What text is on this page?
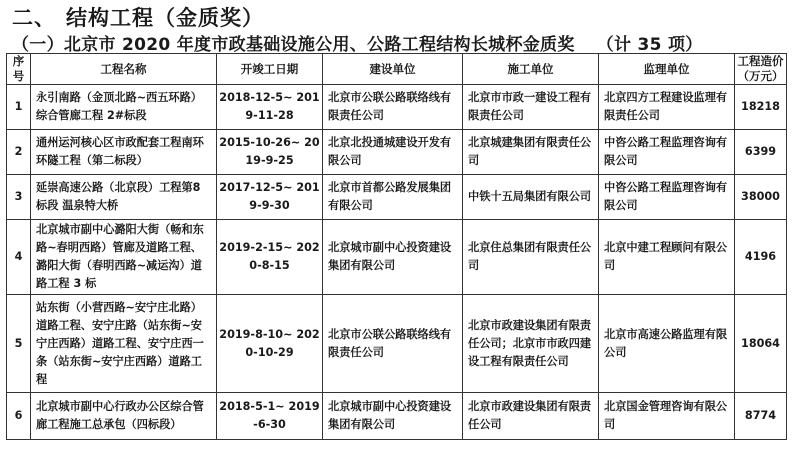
二、 结构工程（金质奖）
（一）北京市 2020 年度市政基础设施公用、公路工程结构长城杯金质奖 （计 35 项）
序号	工程名称	开竣工日期	建设单位	施工单位	监理单位	工程造价（万元）
1	永引南路（金顶北路~西五环路）综合管廊工程 2#标段	2018-12-5~ 2019-11-28	北京市公联公路联络线有限责任公司	北京市市政一建设工程有限责任公司	北京四方工程建设监理有限责任公司	18218
2	通州运河核心区市政配套工程南环环隧工程（第二标段）	2015-10-26~ 2019-9-25	北京北投通城建设开发有限公司	北京城建集团有限责任公司	中咨公路工程监理咨询有限公司	6399
3	延崇高速公路（北京段）工程第8标段 温泉特大桥	2017-12-5~ 2019-9-30	北京市首都公路发展集团有限公司	中铁十五局集团有限公司	中咨公路工程监理咨询有限公司	38000
4	北京城市副中心潞阳大街（畅和东路~春明西路）管廊及道路工程、潞阳大街（春明西路~减运沟）道路工程 3 标	2019-2-15~ 2020-8-15	北京城市副中心投资建设集团有限公司	北京住总集团有限责任公司	北京中建工程顾问有限公司	4196
5	站东街（小营西路~安宁庄北路）道路工程、安宁庄路（站东街~安宁庄西路）道路工程、安宁庄西一条（站东街~安宁庄西路）道路工程	2019-8-10~ 2020-10-29	北京市公联公路联络线有限责任公司	北京市政建设集团有限责任公司；北京市市政四建设工程有限责任公司	北京市高速公路监理有限公司	18064
6	北京城市副中心行政办公区综合管廊工程施工总承包（四标段）	2018-5-1~ 2019-6-30	北京城市副中心投资建设集团有限公司	北京市政建设集团有限责任公司	北京国金管理咨询有限公司	8774
